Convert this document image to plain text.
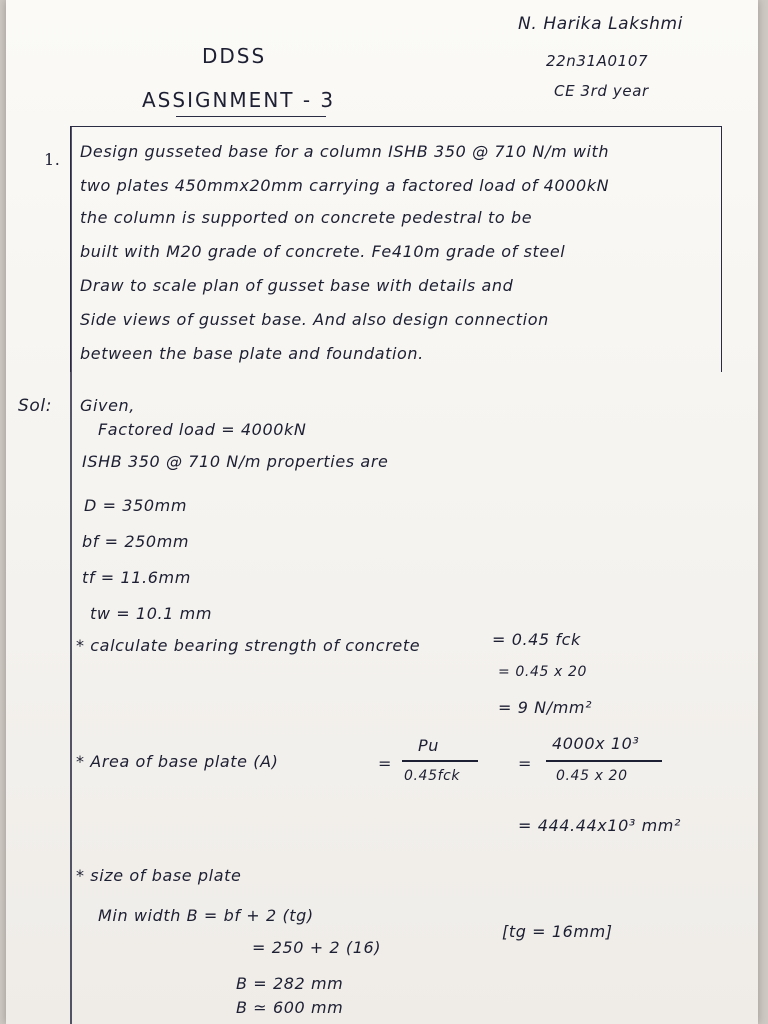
DDSS
ASSIGNMENT - 3
N. Harika Lakshmi
22n31A0107
CE 3rd year
1. Design gusseted base for a column ISHB 350 @ 710 N/m with
two plates 450mmx20mm carrying a factored load of 4000kN
the column is supported on concrete pedestral to be
built with M20 grade of concrete. Fe410m grade of steel
Draw to scale plan of gusset base with details and
Side views of gusset base. And also design connection
between the base plate and foundation.
Sol: Given,
Factored load = 4000kN
ISHB 350 @ 710 N/m properties are
D = 350mm
bf = 250mm
tf = 11.6mm
tw = 10.1 mm
* calculate bearing strength of concrete	= 0.45 fck
= 0.45 x 20
= 9 N/mm²
* Area of base plate (A)	=
Pu
0.45fck
=
4000x 10³
0.45 x 20
= 444.44x10³ mm²
* size of base plate
Min width B = bf + 2 (tg)
= 250 + 2 (16)
[tg = 16mm]
B = 282 mm
B ≃ 600 mm
